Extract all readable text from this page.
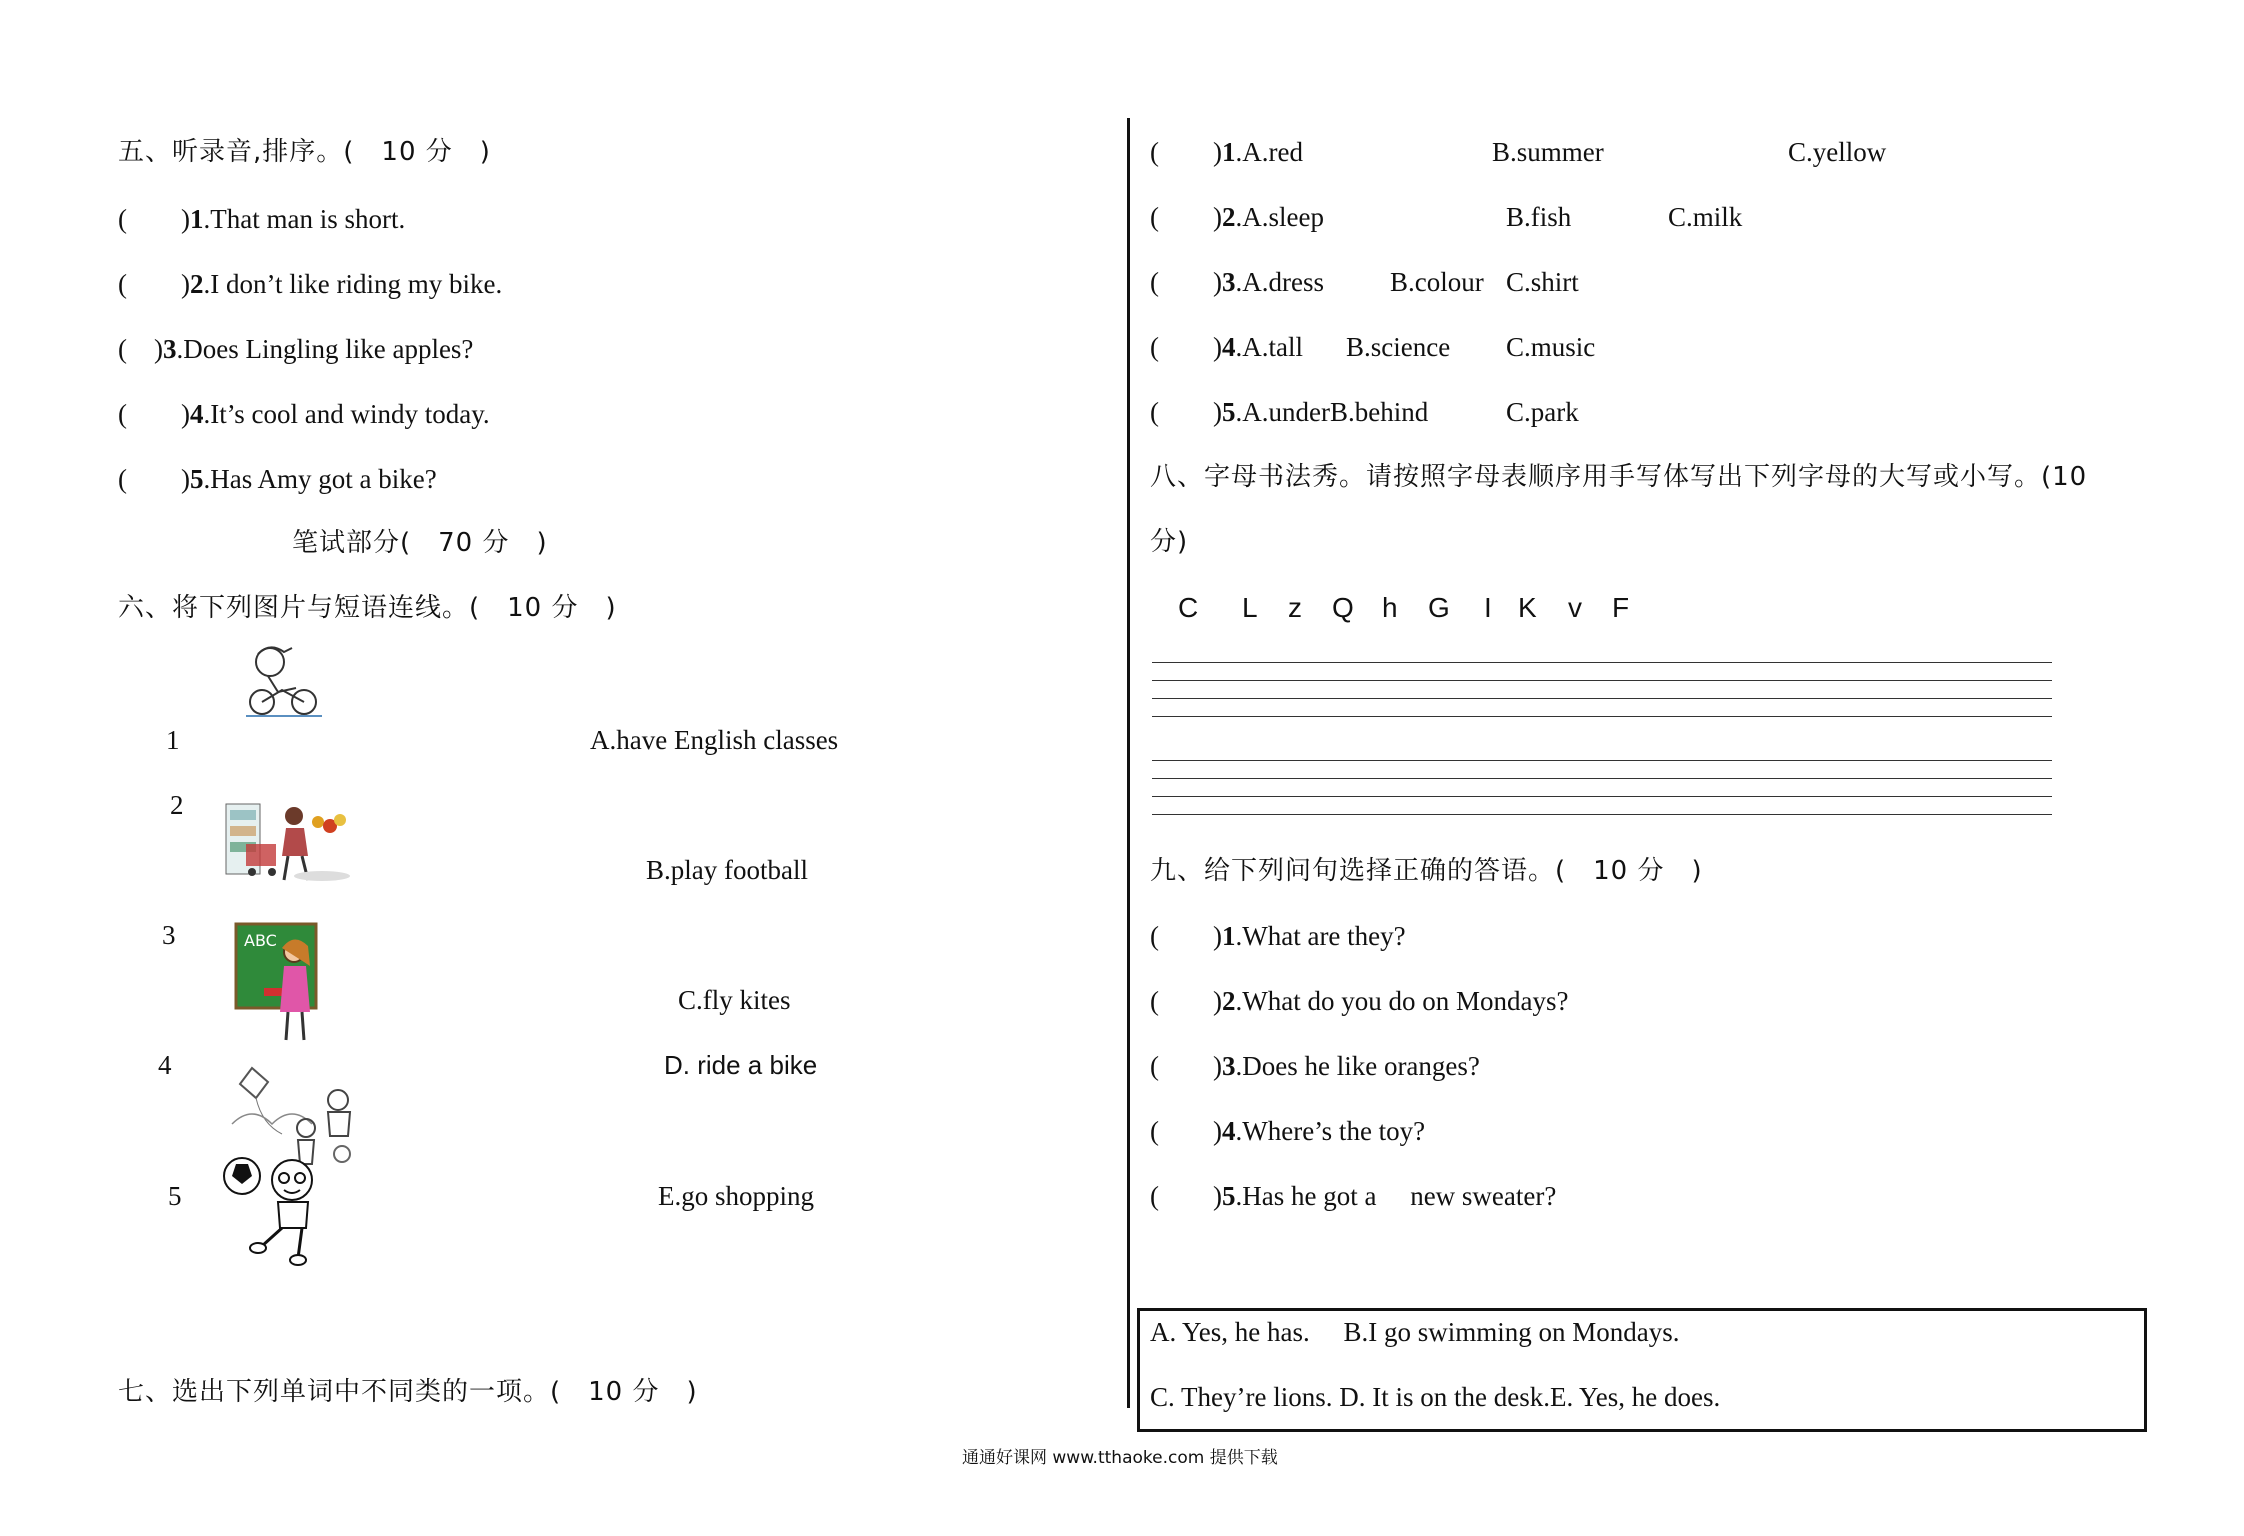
五、听录音,排序。(　10 分　)
(　　)1.That man is short.
(　　)2.I don’t like riding my bike.
(　)3.Does Lingling like apples?
(　　)4.It’s cool and windy today.
(　　)5.Has Amy got a bike?
笔试部分(　70 分　)
六、将下列图片与短语连线。(　10 分　)
1
2
3
4
5
A.have English classes
B.play football
C.fly kites
D. ride a bike
E.go shopping
ABC
七、选出下列单词中不同类的一项。(　10 分　)
(　　)1.A.red	B.summer	C.yellow
(　　)2.A.sleep	B.fish	C.milk
(　　)3.A.dress B.colour C.shirt
(　　)4.A.tall B.science C.music
(　　)5.A.underB.behind	C.park
八、字母书法秀。请按照字母表顺序用手写体写出下列字母的大写或小写。(10
分)
C L z Q h G I K v F
九、给下列问句选择正确的答语。(　10 分　)
(　　)1.What are they?
(　　)2.What do you do on Mondays?
(　　)3.Does he like oranges?
(　　)4.Where’s the toy?
(　　)5.Has he got a 　new sweater?
A. Yes, he has.　 B.I go swimming on Mondays.
C. They’re lions. D. It is on the desk.E. Yes, he does.
通通好课网 www.tthaoke.com 提供下载
